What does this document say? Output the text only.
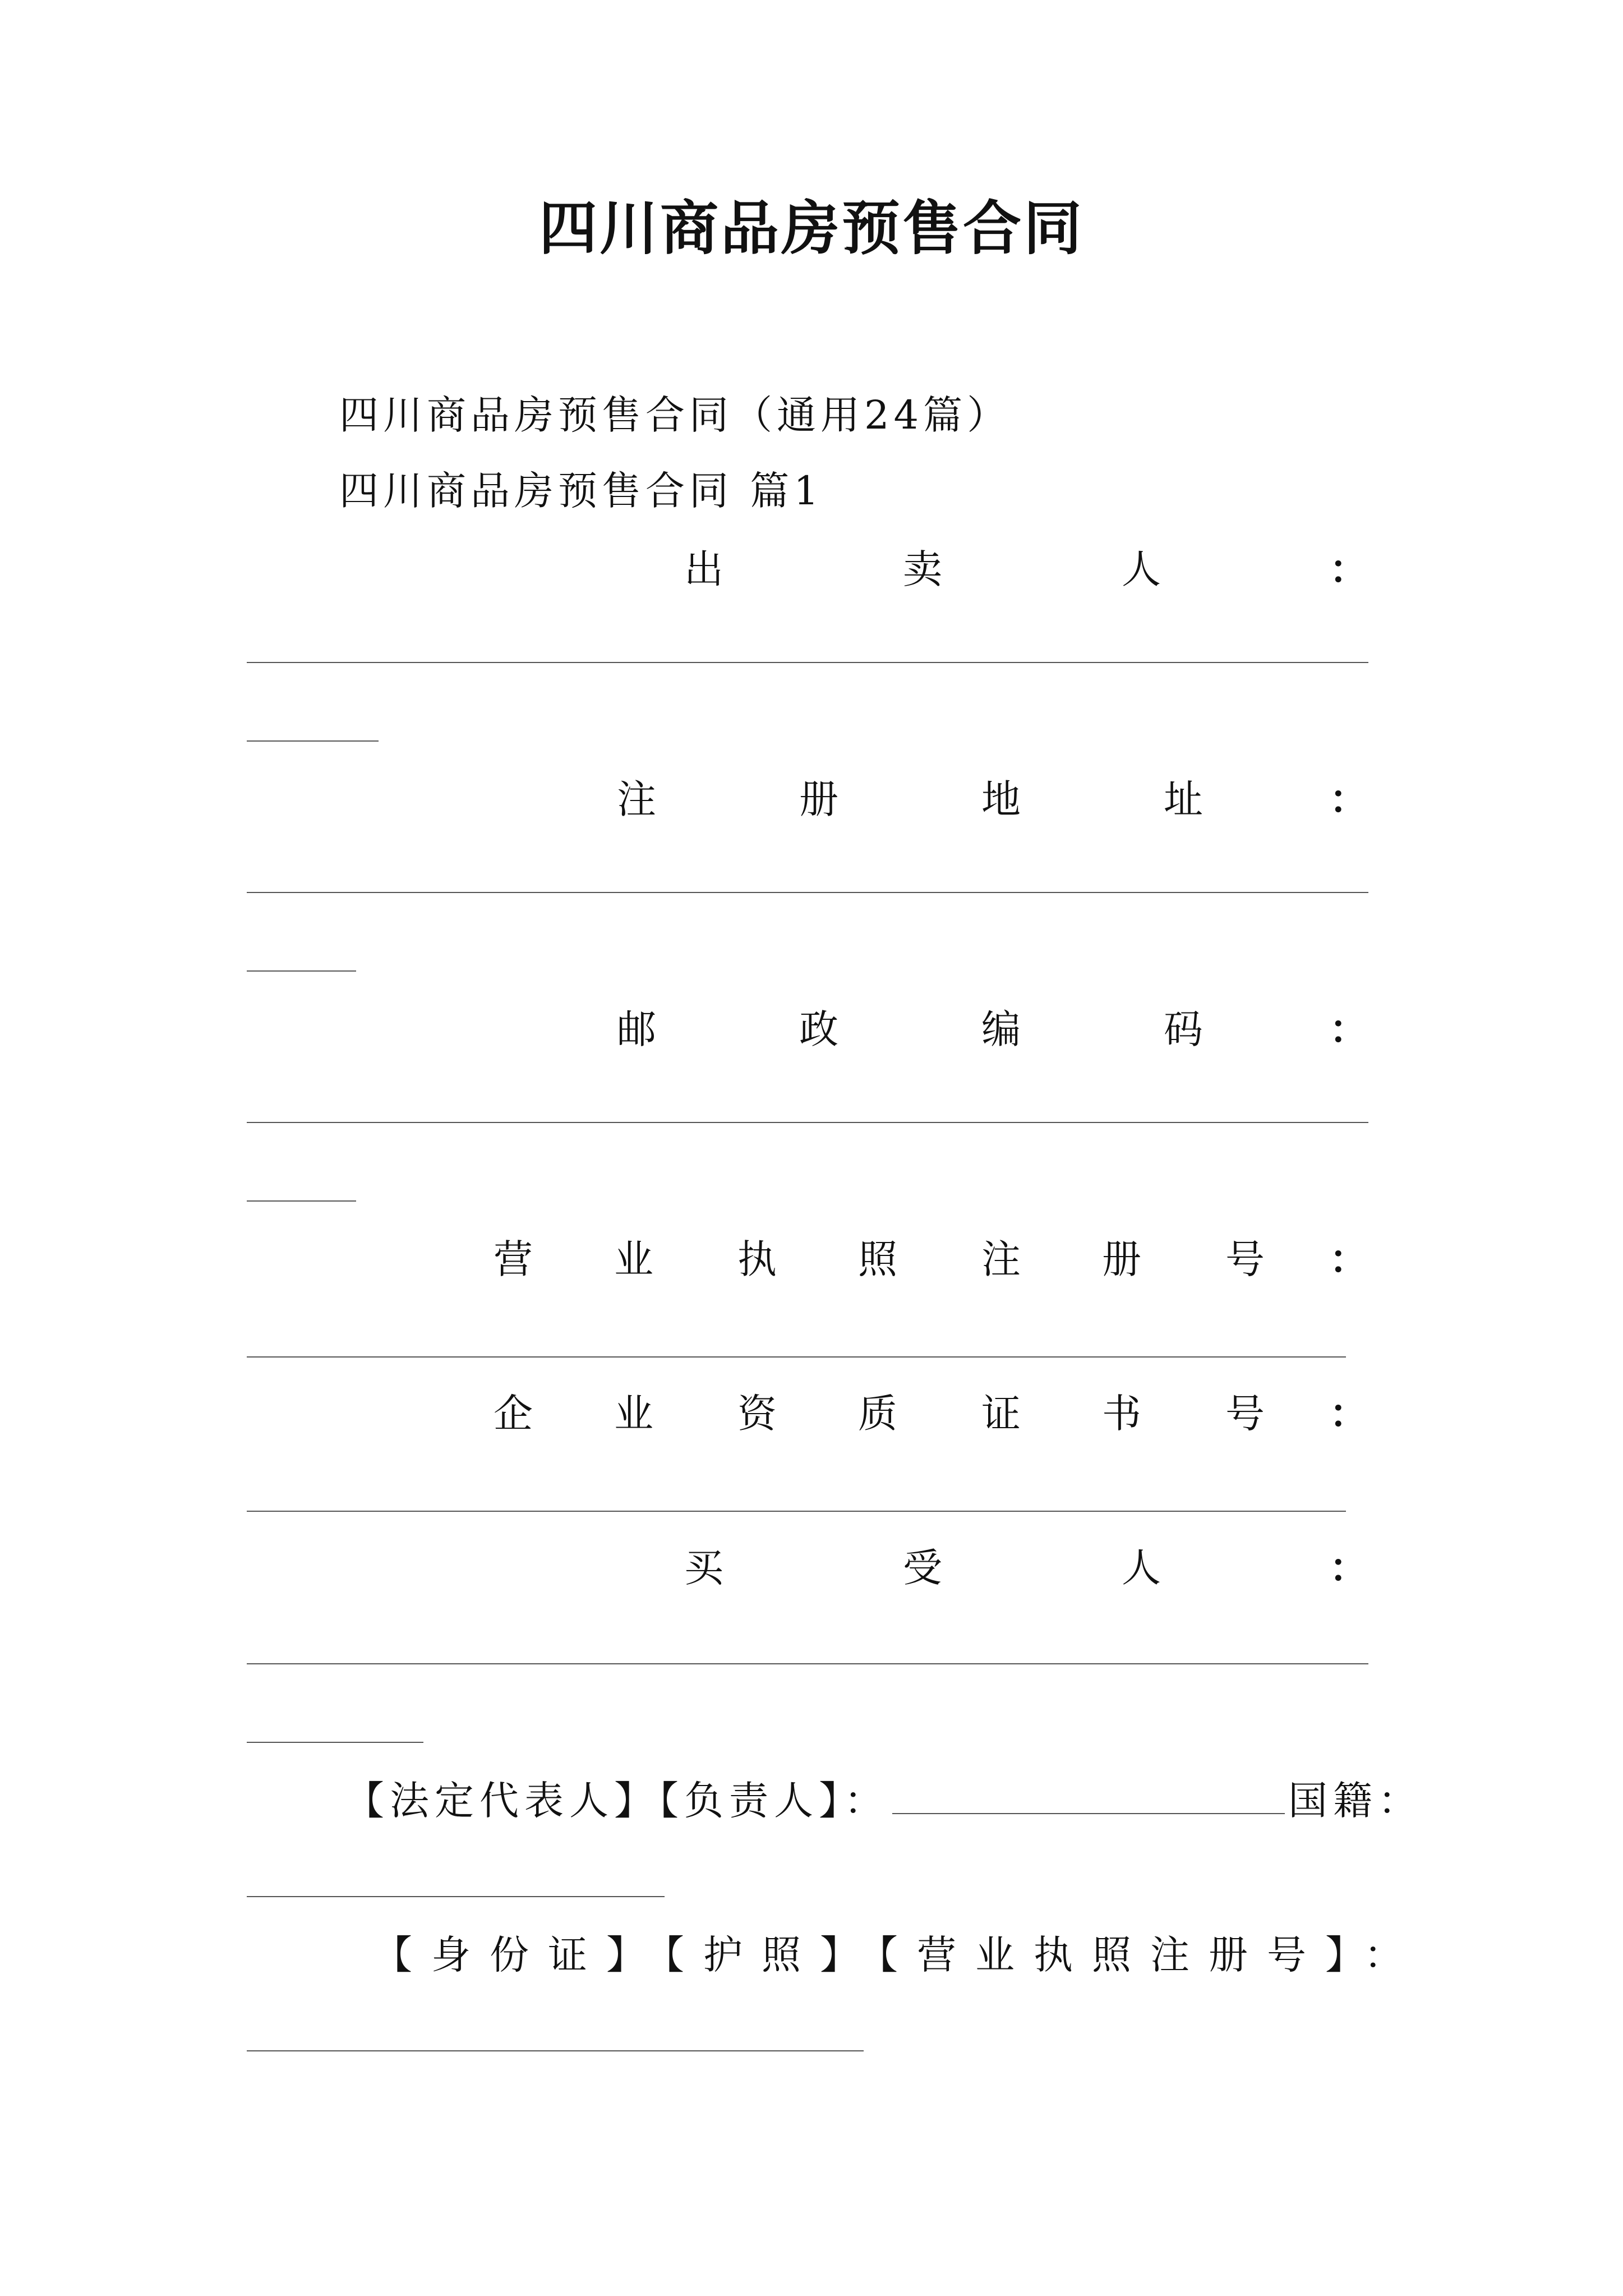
四川商品房预售合同
四川商品房预售合同（通用24篇）
四川商品房预售合同 篇1
出	卖	人	：
注	册	地	址	：
邮	政	编	码	：
营 业 执 照 注 册 号 ：
企 业 资 质 证 书 号 ：
买	受	人	：
【法定代表人】【负责人】：	国籍：
【身份证】【护照】【营业执照注册号】：
